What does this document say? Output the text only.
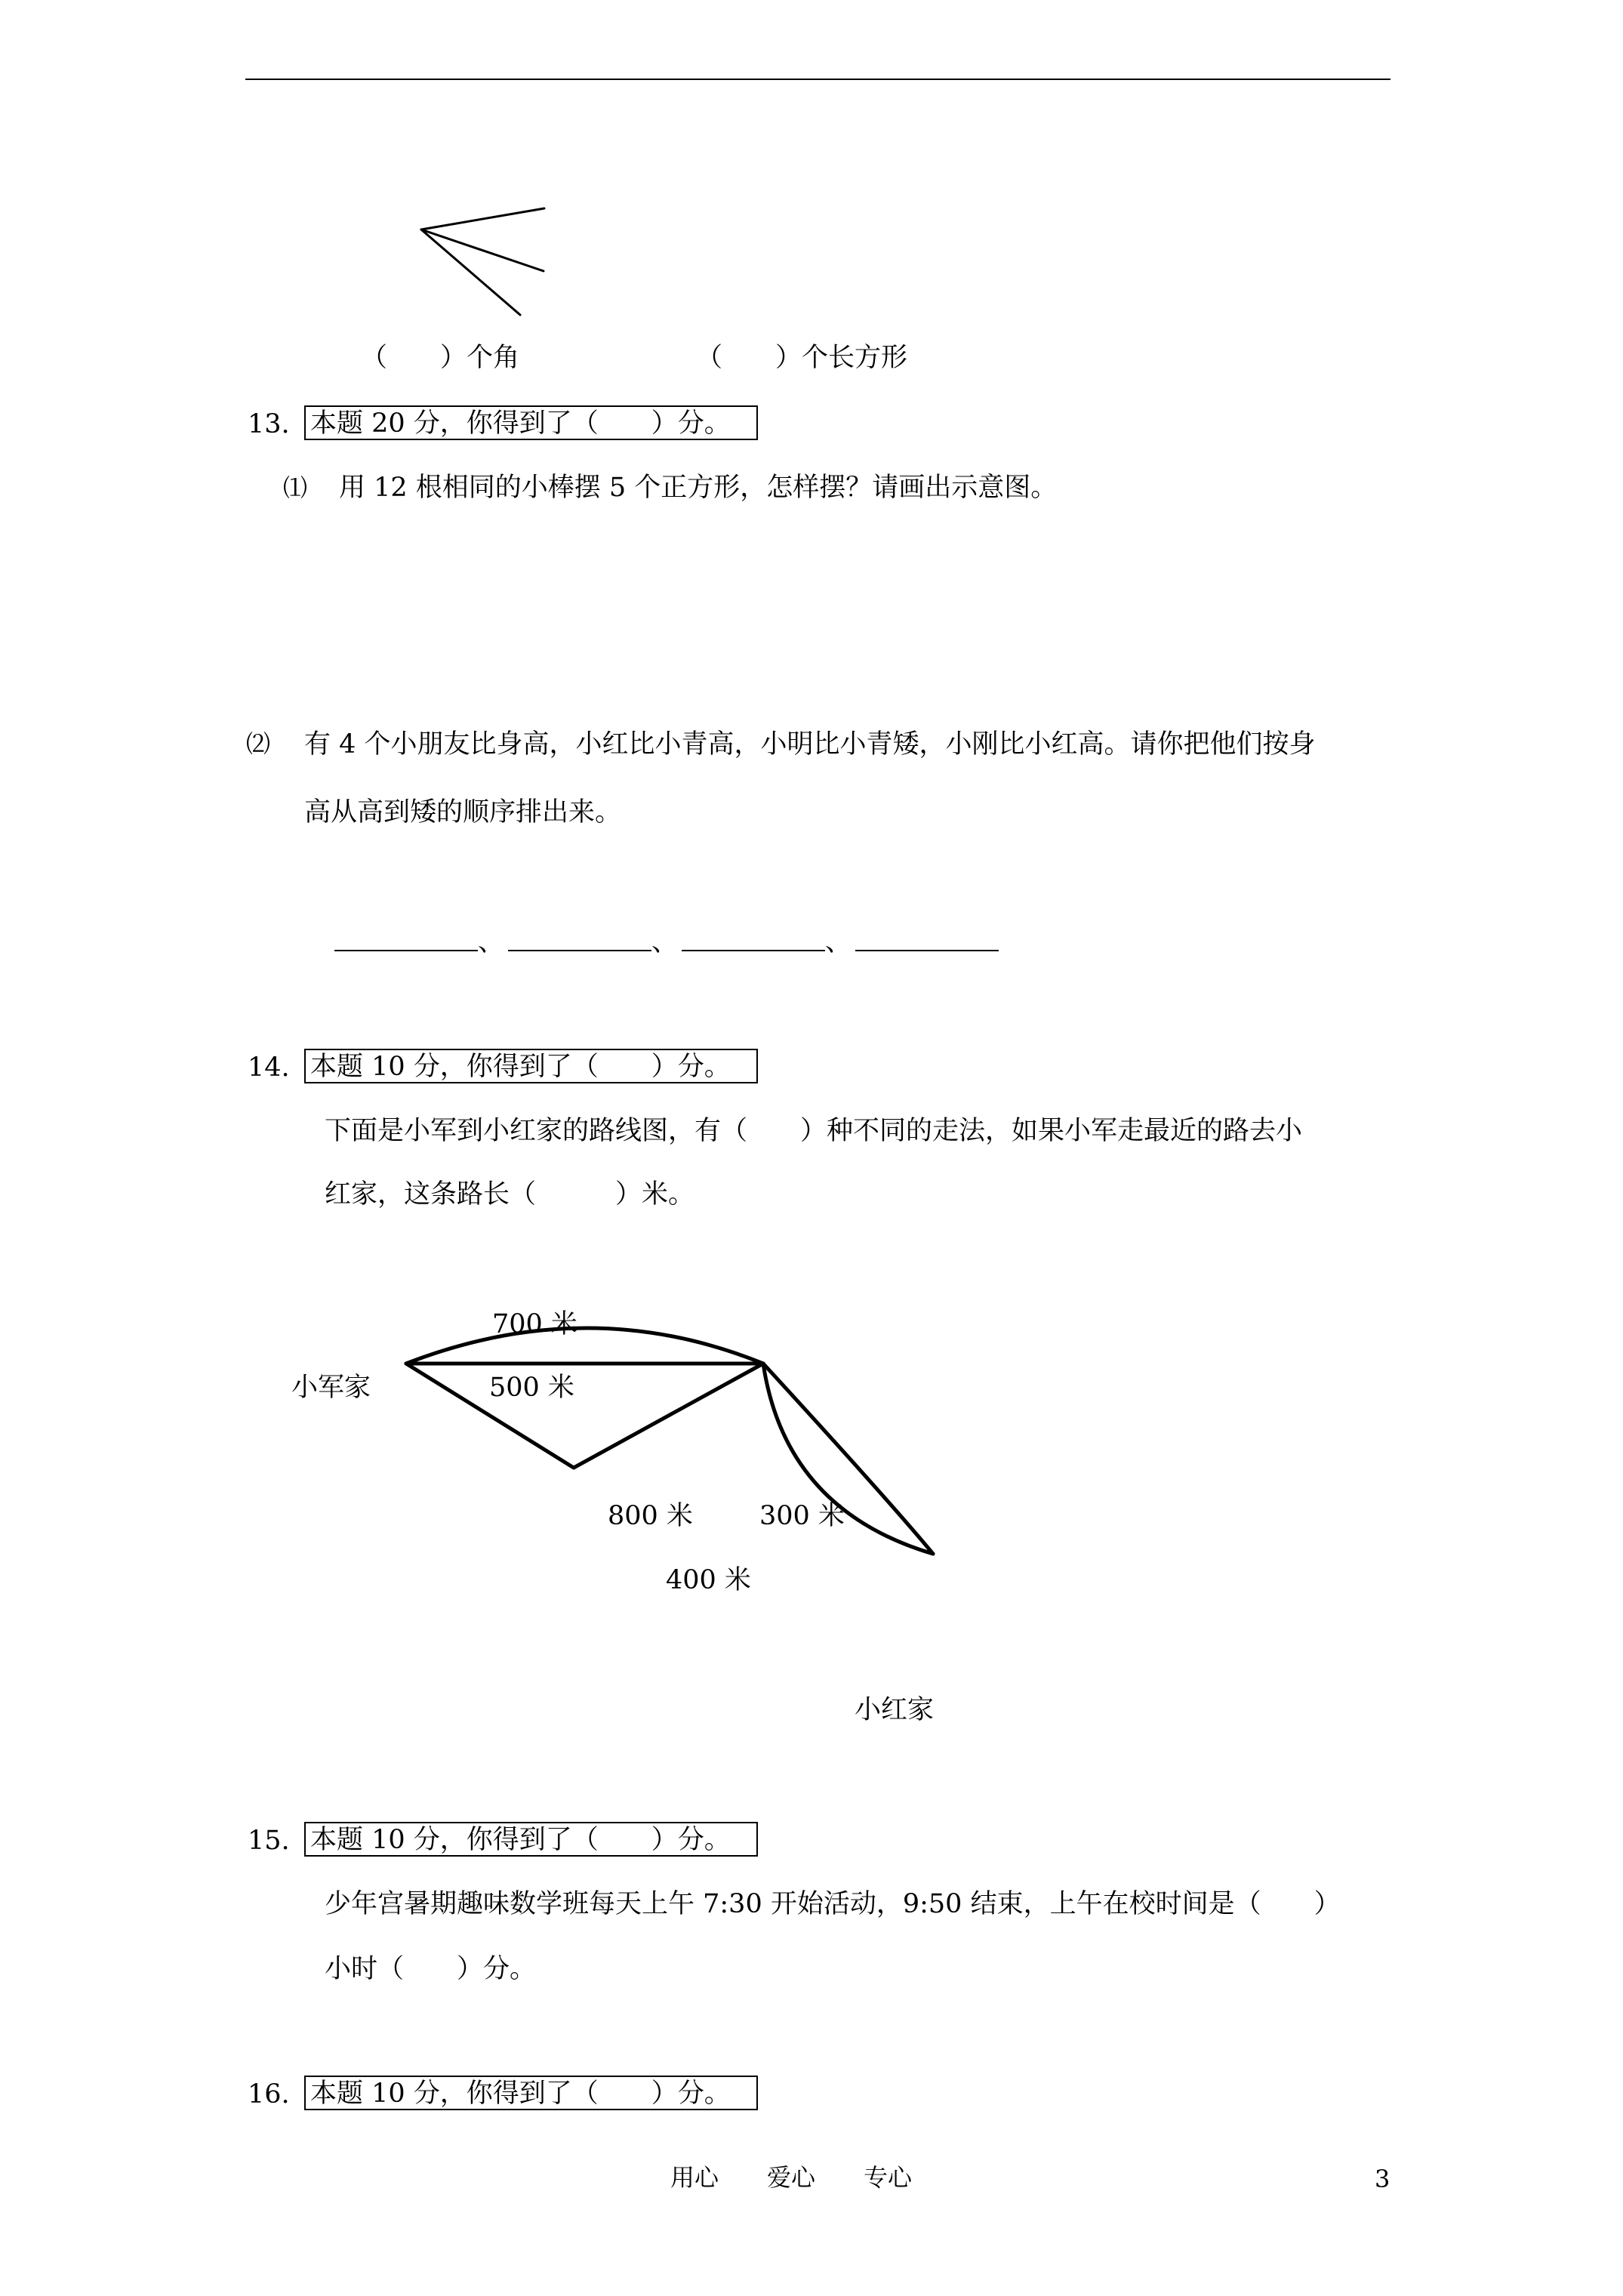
（　　）个角	（　　）个长方形
13. 本题 20 分，你得到了（　　）分。
⑴ 用 12 根相同的小棒摆 5 个正方形，怎样摆？请画出示意图。
⑵ 有 4 个小朋友比身高，小红比小青高，小明比小青矮，小刚比小红高。请你把他们按身
高从高到矮的顺序排出来。
、	、	、
14. 本题 10 分，你得到了（　　）分。
下面是小军到小红家的路线图，有（　　）种不同的走法，如果小军走最近的路去小
红家，这条路长（　　　）米。
小军家
700 米
500 米
800 米	300 米
400 米
小红家
15. 本题 10 分，你得到了（　　）分。
少年宫暑期趣味数学班每天上午 7:30 开始活动，9:50 结束，上午在校时间是（　　）
小时（　　）分。
16. 本题 10 分，你得到了（　　）分。
用心　　爱心　　专心	3
